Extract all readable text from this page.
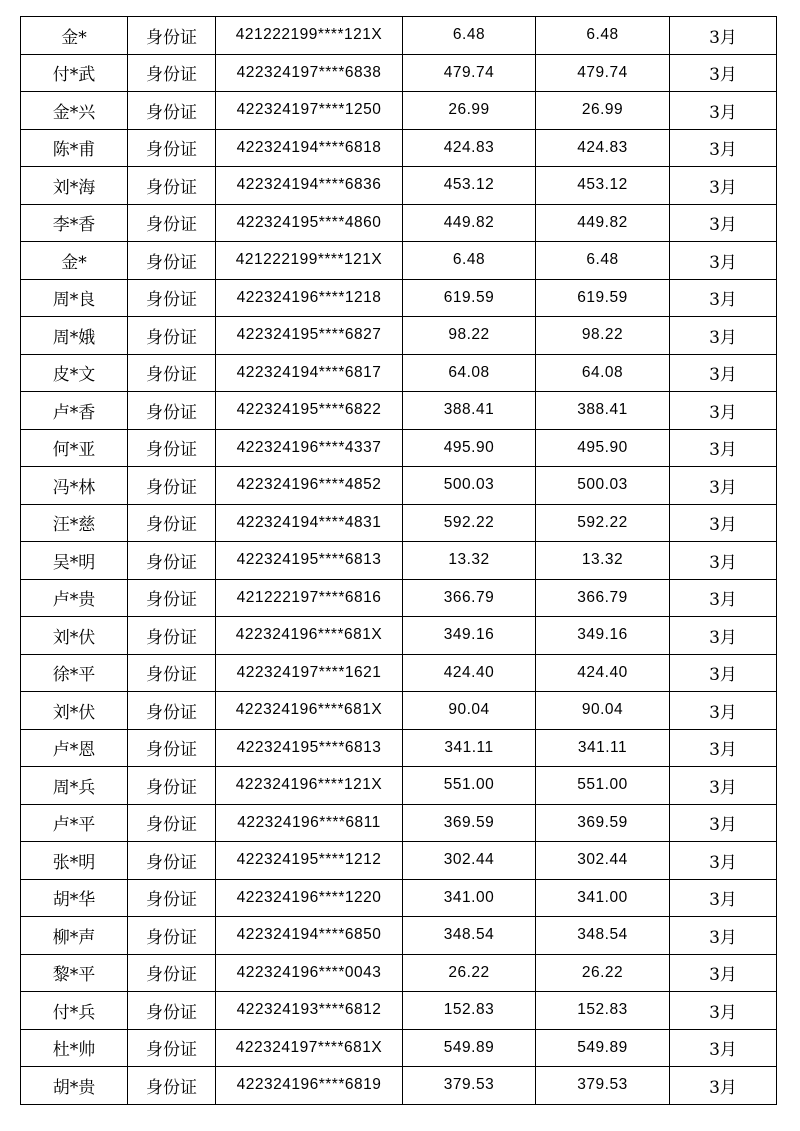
金*	身份证	421222199****121X	6.48	6.48	3月
付*武	身份证	422324197****6838	479.74	479.74	3月
金*兴	身份证	422324197****1250	26.99	26.99	3月
陈*甫	身份证	422324194****6818	424.83	424.83	3月
刘*海	身份证	422324194****6836	453.12	453.12	3月
李*香	身份证	422324195****4860	449.82	449.82	3月
金*	身份证	421222199****121X	6.48	6.48	3月
周*良	身份证	422324196****1218	619.59	619.59	3月
周*娥	身份证	422324195****6827	98.22	98.22	3月
皮*文	身份证	422324194****6817	64.08	64.08	3月
卢*香	身份证	422324195****6822	388.41	388.41	3月
何*亚	身份证	422324196****4337	495.90	495.90	3月
冯*林	身份证	422324196****4852	500.03	500.03	3月
汪*慈	身份证	422324194****4831	592.22	592.22	3月
吴*明	身份证	422324195****6813	13.32	13.32	3月
卢*贵	身份证	421222197****6816	366.79	366.79	3月
刘*伏	身份证	422324196****681X	349.16	349.16	3月
徐*平	身份证	422324197****1621	424.40	424.40	3月
刘*伏	身份证	422324196****681X	90.04	90.04	3月
卢*恩	身份证	422324195****6813	341.11	341.11	3月
周*兵	身份证	422324196****121X	551.00	551.00	3月
卢*平	身份证	422324196****6811	369.59	369.59	3月
张*明	身份证	422324195****1212	302.44	302.44	3月
胡*华	身份证	422324196****1220	341.00	341.00	3月
柳*声	身份证	422324194****6850	348.54	348.54	3月
黎*平	身份证	422324196****0043	26.22	26.22	3月
付*兵	身份证	422324193****6812	152.83	152.83	3月
杜*帅	身份证	422324197****681X	549.89	549.89	3月
胡*贵	身份证	422324196****6819	379.53	379.53	3月
